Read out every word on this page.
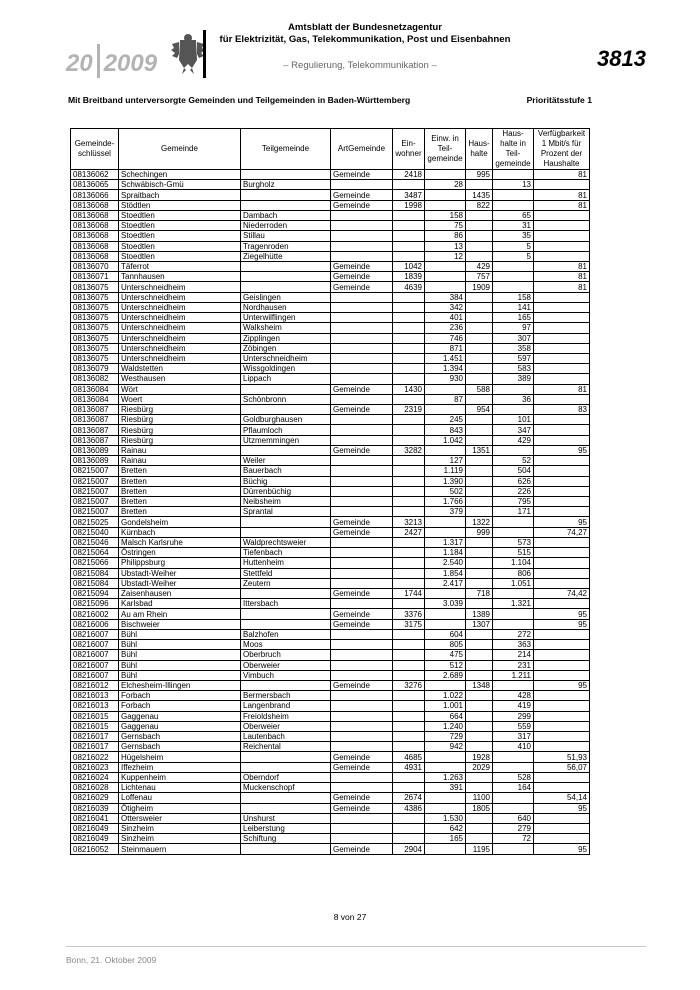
20 2009
Amtsblatt der Bundesnetzagentur
für Elektrizität, Gas, Telekommunikation, Post und Eisenbahnen
– Regulierung, Telekommunikation –	3813
Mit Breitband unterversorgte Gemeinden und Teilgemeinden in Baden-Württemberg	Prioritätsstufe 1
Gemeinde-schlüssel	Gemeinde	Teilgemeinde	ArtGemeinde	Ein-wohner	Einw. in Teil-gemeinde	Haus-halte	Haus-halte in Teil-gemeinde	Verfügbarkeit 1 Mbit/s für Prozent der Haushalte
08136062	Schechingen		Gemeinde	2418		995		81
08136065	Schwäbisch-Gmü	Burgholz			28		13	
08136066	Spraitbach		Gemeinde	3487		1435		81
08136068	Stödtlen		Gemeinde	1998		822		81
08136068	Stoedtlen	Dambach			158		65	
08136068	Stoedtlen	Niederroden			75		31	
08136068	Stoedtlen	Stillau			86		35	
08136068	Stoedtlen	Tragenroden			13		5	
08136068	Stoedtlen	Ziegelhütte			12		5	
08136070	Täferrot		Gemeinde	1042		429		81
08136071	Tannhausen		Gemeinde	1839		757		81
08136075	Unterschneidheim		Gemeinde	4639		1909		81
08136075	Unterschneidheim	Geislingen			384		158	
08136075	Unterschneidheim	Nordhausen			342		141	
08136075	Unterschneidheim	Unterwilflingen			401		165	
08136075	Unterschneidheim	Walksheim			236		97	
08136075	Unterschneidheim	Zipplingen			746		307	
08136075	Unterschneidheim	Zöbingen			871		358	
08136075	Unterschneidheim	Unterschneidheim			1.451		597	
08136079	Waldstetten	Wissgoldingen			1.394		583	
08136082	Westhausen	Lippach			930		389	
08136084	Wört		Gemeinde	1430		588		81
08136084	Woert	Schönbronn			87		36	
08136087	Riesbürg		Gemeinde	2319		954		83
08136087	Riesbürg	Goldburghausen			245		101	
08136087	Riesbürg	Pflaumloch			843		347	
08136087	Riesbürg	Utzmemmingen			1.042		429	
08136089	Rainau		Gemeinde	3282		1351		95
08136089	Rainau	Weiler			127		52	
08215007	Bretten	Bauerbach			1.119		504	
08215007	Bretten	Büchig			1.390		626	
08215007	Bretten	Dürrenbüchig			502		226	
08215007	Bretten	Neibsheim			1.766		795	
08215007	Bretten	Sprantal			379		171	
08215025	Gondelsheim		Gemeinde	3213		1322		95
08215040	Kürnbach		Gemeinde	2427		999		74,27
08215046	Malsch Karlsruhe	Waldprechtsweier			1.317		573	
08215064	Östringen	Tiefenbach			1.184		515	
08215066	Philippsburg	Huttenheim			2.540		1.104	
08215084	Ubstadt-Weiher	Stettfeld			1.854		806	
08215084	Ubstadt-Weiher	Zeutern			2.417		1.051	
08215094	Zaisenhausen		Gemeinde	1744		718		74,42
08215096	Karlsbad	Ittersbach			3.039		1.321	
08216002	Au am Rhein		Gemeinde	3376		1389		95
08216006	Bischweier		Gemeinde	3175		1307		95
08216007	Bühl	Balzhofen			604		272	
08216007	Bühl	Moos			805		363	
08216007	Bühl	Oberbruch			475		214	
08216007	Bühl	Oberweier			512		231	
08216007	Bühl	Vimbuch			2.689		1.211	
08216012	Elchesheim-Illingen		Gemeinde	3276		1348		95
08216013	Forbach	Bermersbach			1.022		428	
08216013	Forbach	Langenbrand			1.001		419	
08216015	Gaggenau	Freioldsheim			664		299	
08216015	Gaggenau	Oberweier			1.240		559	
08216017	Gernsbach	Lautenbach			729		317	
08216017	Gernsbach	Reichental			942		410	
08216022	Hügelsheim		Gemeinde	4685		1928		51,93
08216023	Iffezheim		Gemeinde	4931		2029		56,07
08216024	Kuppenheim	Oberndorf			1.263		528	
08216028	Lichtenau	Muckenschopf			391		164	
08216029	Loffenau		Gemeinde	2674		1100		54,14
08216039	Ötigheim		Gemeinde	4386		1805		95
08216041	Ottersweier	Unshurst			1.530		640	
08216049	Sinzheim	Leiberstung			642		279	
08216049	Sinzheim	Schiftung			165		72	
08216052	Steinmauern		Gemeinde	2904		1195		95
8 von 27
Bonn, 21. Oktober 2009
